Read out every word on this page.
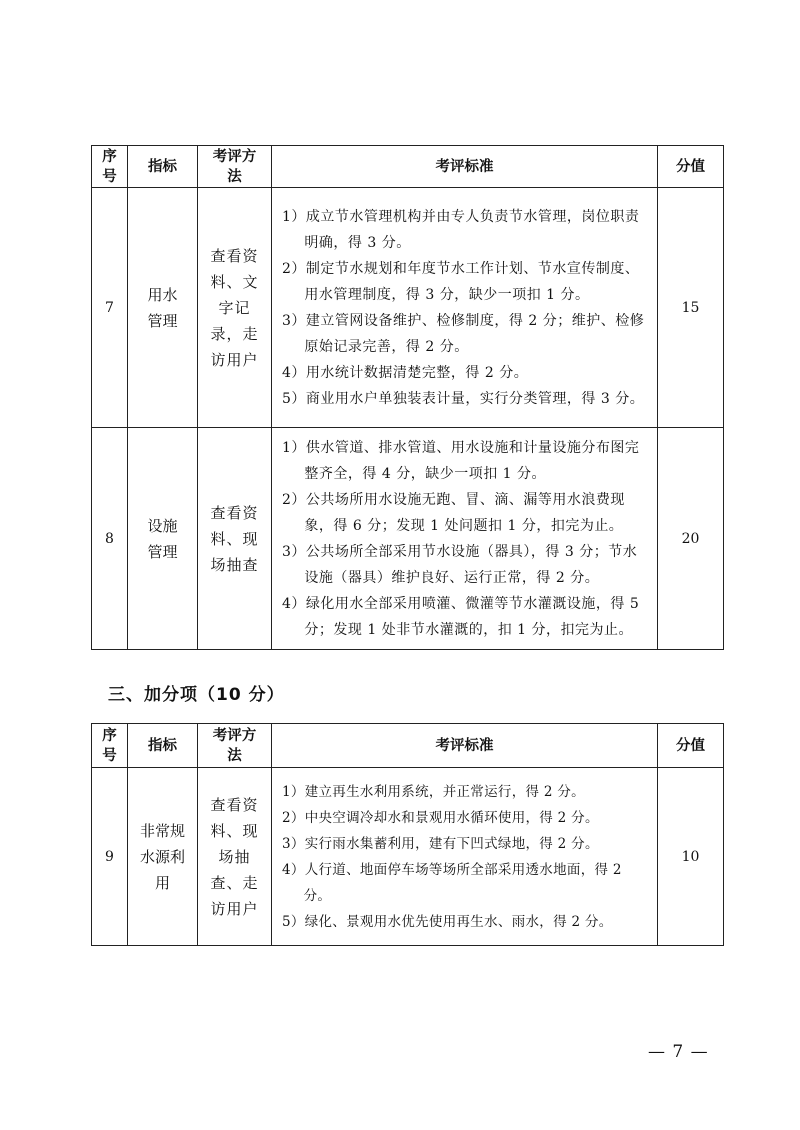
序号	指标	考评方法	考评标准	分值
7	用水管理	查看资料、文字记录，走访用户	1）成立节水管理机构并由专人负责节水管理，岗位职责明确，得 3 分。
2）制定节水规划和年度节水工作计划、节水宣传制度、用水管理制度，得 3 分，缺少一项扣 1 分。
3）建立管网设备维护、检修制度，得 2 分；维护、检修原始记录完善，得 2 分。
4）用水统计数据清楚完整，得 2 分。
5）商业用水户单独装表计量，实行分类管理，得 3 分。	15
8	设施管理	查看资料、现场抽查	1）供水管道、排水管道、用水设施和计量设施分布图完整齐全，得 4 分，缺少一项扣 1 分。
2）公共场所用水设施无跑、冒、滴、漏等用水浪费现象，得 6 分；发现 1 处问题扣 1 分，扣完为止。
3）公共场所全部采用节水设施（器具），得 3 分；节水设施（器具）维护良好、运行正常，得 2 分。
4）绿化用水全部采用喷灌、微灌等节水灌溉设施，得 5 分；发现 1 处非节水灌溉的，扣 1 分，扣完为止。	20
三、加分项（10 分）
序号	指标	考评方法	考评标准	分值
9	非常规水源利用	查看资料、现场抽查、走访用户	1）建立再生水利用系统，并正常运行，得 2 分。
2）中央空调冷却水和景观用水循环使用，得 2 分。
3）实行雨水集蓄利用，建有下凹式绿地，得 2 分。
4）人行道、地面停车场等场所全部采用透水地面，得 2 分。
5）绿化、景观用水优先使用再生水、雨水，得 2 分。	10
— 7 —
